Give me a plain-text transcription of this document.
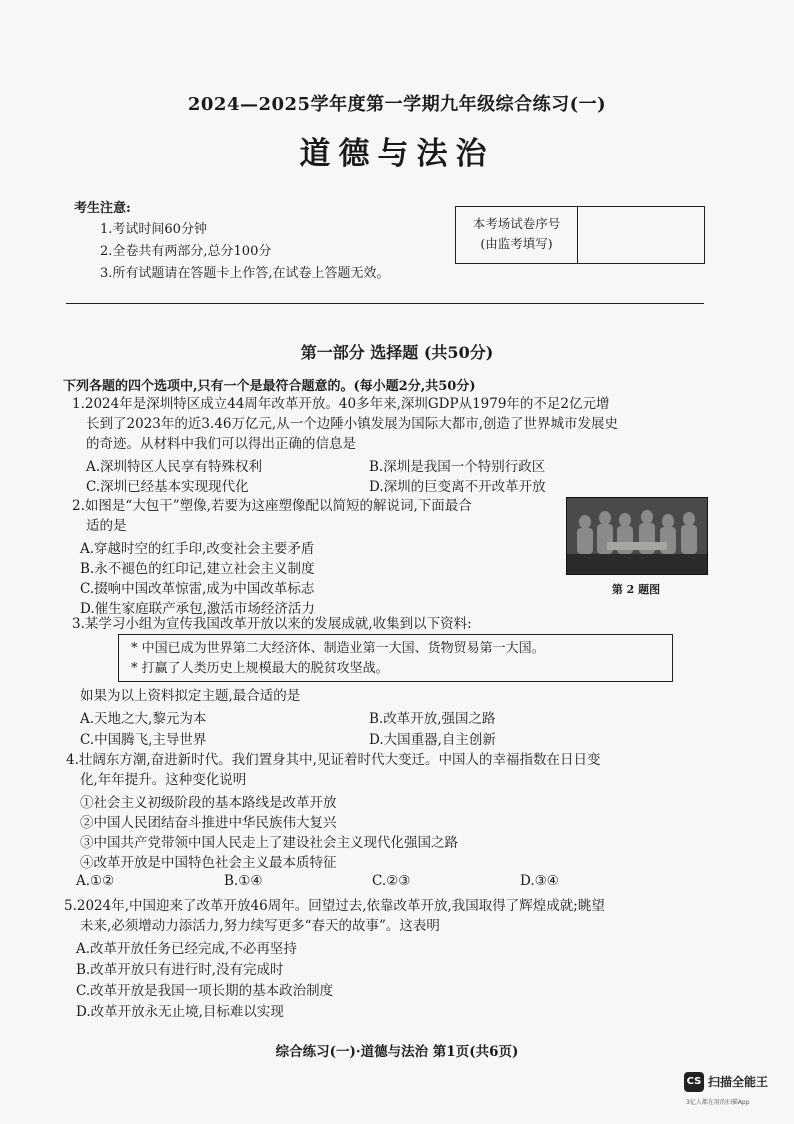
2024—2025学年度第一学期九年级综合练习(一)
道德与法治
考生注意:
1.考试时间60分钟
2.全卷共有两部分,总分100分
3.所有试题请在答题卡上作答,在试卷上答题无效。
本考场试卷序号
(由监考填写)
第一部分 选择题 (共50分)
下列各题的四个选项中,只有一个是最符合题意的。(每小题2分,共50分)
1.2024年是深圳特区成立44周年改革开放。40多年来,深圳GDP从1979年的不足2亿元增
长到了2023年的近3.46万亿元,从一个边陲小镇发展为国际大都市,创造了世界城市发展史
的奇迹。从材料中我们可以得出正确的信息是
A.深圳特区人民享有特殊权利	B.深圳是我国一个特别行政区
C.深圳已经基本实现现代化	D.深圳的巨变离不开改革开放
2.如图是“大包干”塑像,若要为这座塑像配以简短的解说词,下面最合
适的是
A.穿越时空的红手印,改变社会主要矛盾
B.永不褪色的红印记,建立社会主义制度
C.掇响中国改革惊雷,成为中国改革标志
D.催生家庭联产承包,激活市场经济活力
第 2 题图
3.某学习小组为宣传我国改革开放以来的发展成就,收集到以下资料:
* 中国已成为世界第二大经济体、制造业第一大国、货物贸易第一大国。
* 打赢了人类历史上规模最大的脱贫攻坚战。
如果为以上资料拟定主题,最合适的是
A.天地之大,黎元为本	B.改革开放,强国之路
C.中国腾飞,主导世界	D.大国重器,自主创新
4.壮阔东方潮,奋进新时代。我们置身其中,见证着时代大变迁。中国人的幸福指数在日日变
化,年年提升。这种变化说明
①社会主义初级阶段的基本路线是改革开放
②中国人民团结奋斗推进中华民族伟大复兴
③中国共产党带领中国人民走上了建设社会主义现代化强国之路
④改革开放是中国特色社会主义最本质特征
A.①②	B.①④	C.②③	D.③④
5.2024年,中国迎来了改革开放46周年。回望过去,依靠改革开放,我国取得了辉煌成就;眺望
未来,必须增动力添活力,努力续写更多“春天的故事”。这表明
A.改革开放任务已经完成,不必再坚持
B.改革开放只有进行时,没有完成时
C.改革开放是我国一项长期的基本政治制度
D.改革开放永无止境,目标难以实现
综合练习(一)·道德与法治 第1页(共6页)
CS 扫描全能王
3亿人都在用的扫描App
